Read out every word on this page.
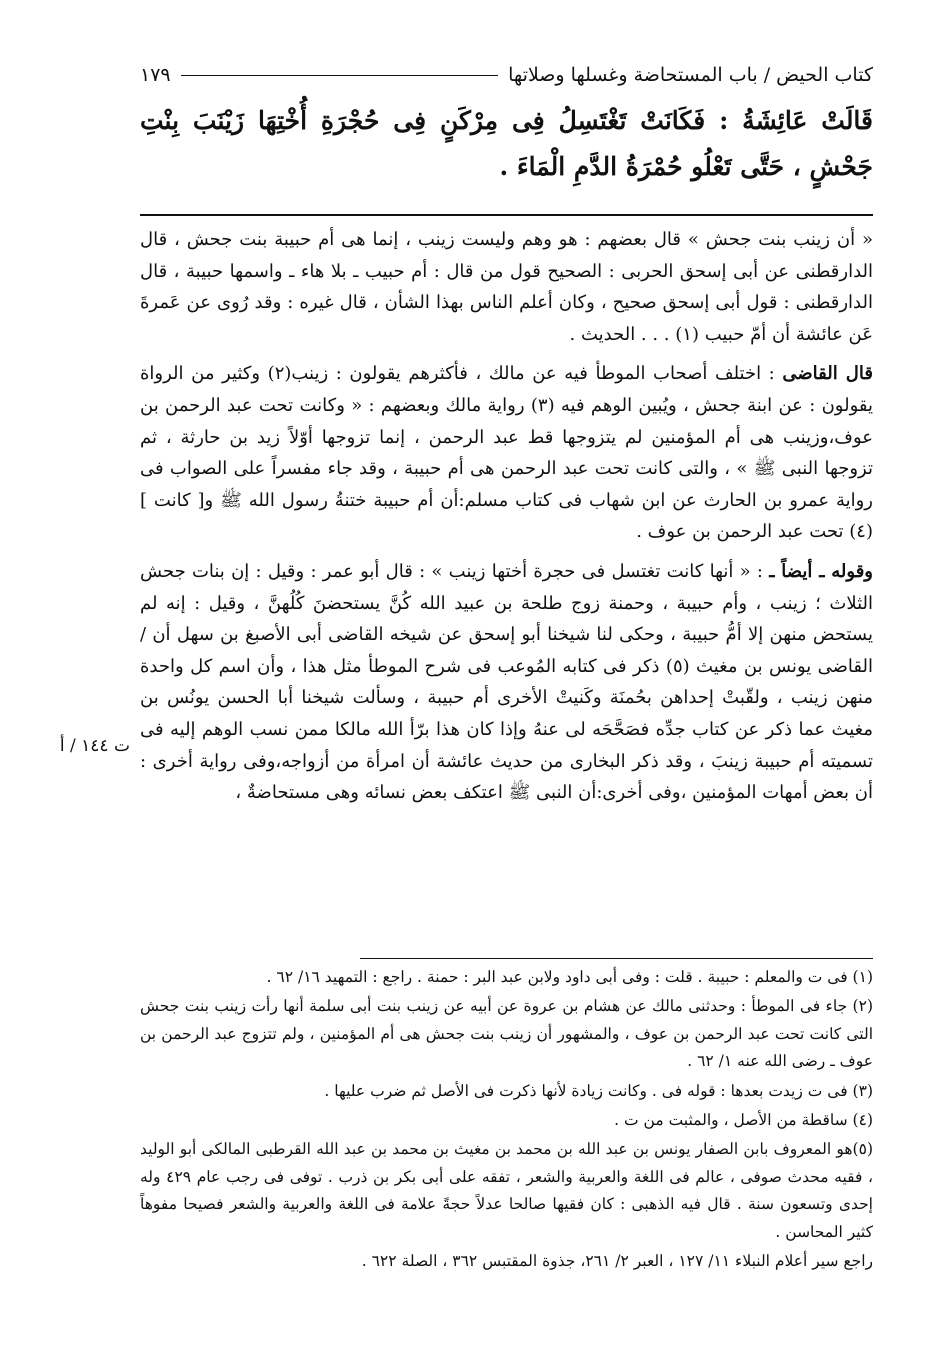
كتاب الحيض / باب المستحاضة وغسلها وصلاتها
١٧٩

قَالَتْ عَائِشَةُ : فَكَانَتْ تَغْتَسِلُ فِى مِرْكَنٍ فِى حُجْرَةِ أُخْتِهَا زَيْنَبَ بِنْتِ جَحْشٍ ، حَتَّى تَعْلُو حُمْرَةُ الدَّمِ الْمَاءَ .

« أن زينب بنت جحش » قال بعضهم : هو وهم وليست زينب ، إنما هى أم حبيبة بنت جحش ، قال الدارقطنى عن أبى إسحق الحربى : الصحيح قول من قال : أم حبيب ـ بلا هاء ـ واسمها حبيبة ، قال الدارقطنى : قول أبى إسحق صحيح ، وكان أعلم الناس بهذا الشأن ، قال غيره : وقد رُوى عن عَمرةَ عَن عائشة أن أمّ حبيب (١) . . . الحديث .

قال القاضى : اختلف أصحاب الموطأ فيه عن مالك ، فأكثرهم يقولون : زينب(٢) وكثير من الرواة يقولون : عن ابنة جحش ، ويُبين الوهم فيه (٣) رواية مالك وبعضهم : « وكانت تحت عبد الرحمن بن عوف،وزينب هى أم المؤمنين لم يتزوجها قط عبد الرحمن ، إنما تزوجها أوّلاً زيد بن حارثة ، ثم تزوجها النبى ﷺ » ، والتى كانت تحت عبد الرحمن هى أم حبيبة ، وقد جاء مفسراً على الصواب فى رواية عمرو بن الحارث عن ابن شهاب فى كتاب مسلم:أن أم حبيبة ختنةُ رسول الله ﷺ و[ كانت ] (٤) تحت عبد الرحمن بن عوف .

وقوله ـ أيضاً ـ : « أنها كانت تغتسل فى حجرة أختها زينب » : قال أبو عمر : وقيل : إن بنات جحش الثلاث ؛ زينب ، وأم حبيبة ، وحمنة زوج طلحة بن عبيد الله كُنَّ يستحضنَ كُلُهنَّ ، وقيل : إنه لم يستحض منهن إلا أمُّ حبيبة ، وحكى لنا شيخنا أبو إسحق عن شيخه القاضى أبى الأصبغ بن سهل أن / القاضى يونس بن مغيث (٥) ذكر فى كتابه المُوعب فى شرح الموطأ مثل هذا ، وأن اسم كل واحدة منهن زينب ، ولقّبتْ إحداهن بحُمنَة وكَنيتْ الأخرى أم حبيبة ، وسألت شيخنا أبا الحسن يونُس بن مغيث عما ذكر عن كتاب جدِّه فصَحَّحَه لى عنهُ وإذا كان هذا برّأ الله مالكا ممن نسب الوهم إليه فى تسميته أم حبيبة زينبَ ، وقد ذكر البخارى من حديث عائشة أن امرأة من أزواجه،وفى رواية أخرى : أن بعض أمهات المؤمنين ،وفى أخرى:أن النبى ﷺ اعتكف بعض نسائه وهى مستحاضةٌ ،

ت ١٤٤ / أ

(١) فى ت والمعلم : حبيبة . قلت : وفى أبى داود ولابن عبد البر : حمنة . راجع : التمهيد ١٦/ ٦٢ .

(٢) جاء فى الموطأ : وحدثنى مالك عن هشام بن عروة عن أبيه عن زينب بنت أبى سلمة أنها رأت زينب بنت جحش التى كانت تحت عبد الرحمن بن عوف ، والمشهور أن زينب بنت جحش هى أم المؤمنين ، ولم تتزوج عبد الرحمن بن عوف ـ رضى الله عنه ١/ ٦٢ .

(٣) فى ت زيدت بعدها : قوله فى . وكانت زيادة لأنها ذكرت فى الأصل ثم ضرب عليها .

(٤) ساقطة من الأصل ، والمثبت من ت .

(٥)هو المعروف بابن الصفار يونس بن عبد الله بن محمد بن مغيث بن محمد بن عبد الله القرطبى المالكى أبو الوليد ، فقيه محدث صوفى ، عالم فى اللغة والعربية والشعر ، تفقه على أبى بكر بن ذرب . توفى فى رجب عام ٤٢٩ وله إحدى وتسعون سنة . قال فيه الذهبى : كان فقيها صالحا عدلاً حجةً علامة فى اللغة والعربية والشعر فصيحا مفوهاً كثير المحاسن .

راجع سير أعلام النبلاء ١١/ ١٢٧ ، العبر ٢/ ٢٦١، جذوة المقتبس ٣٦٢ ، الصلة ٦٢٢ .
